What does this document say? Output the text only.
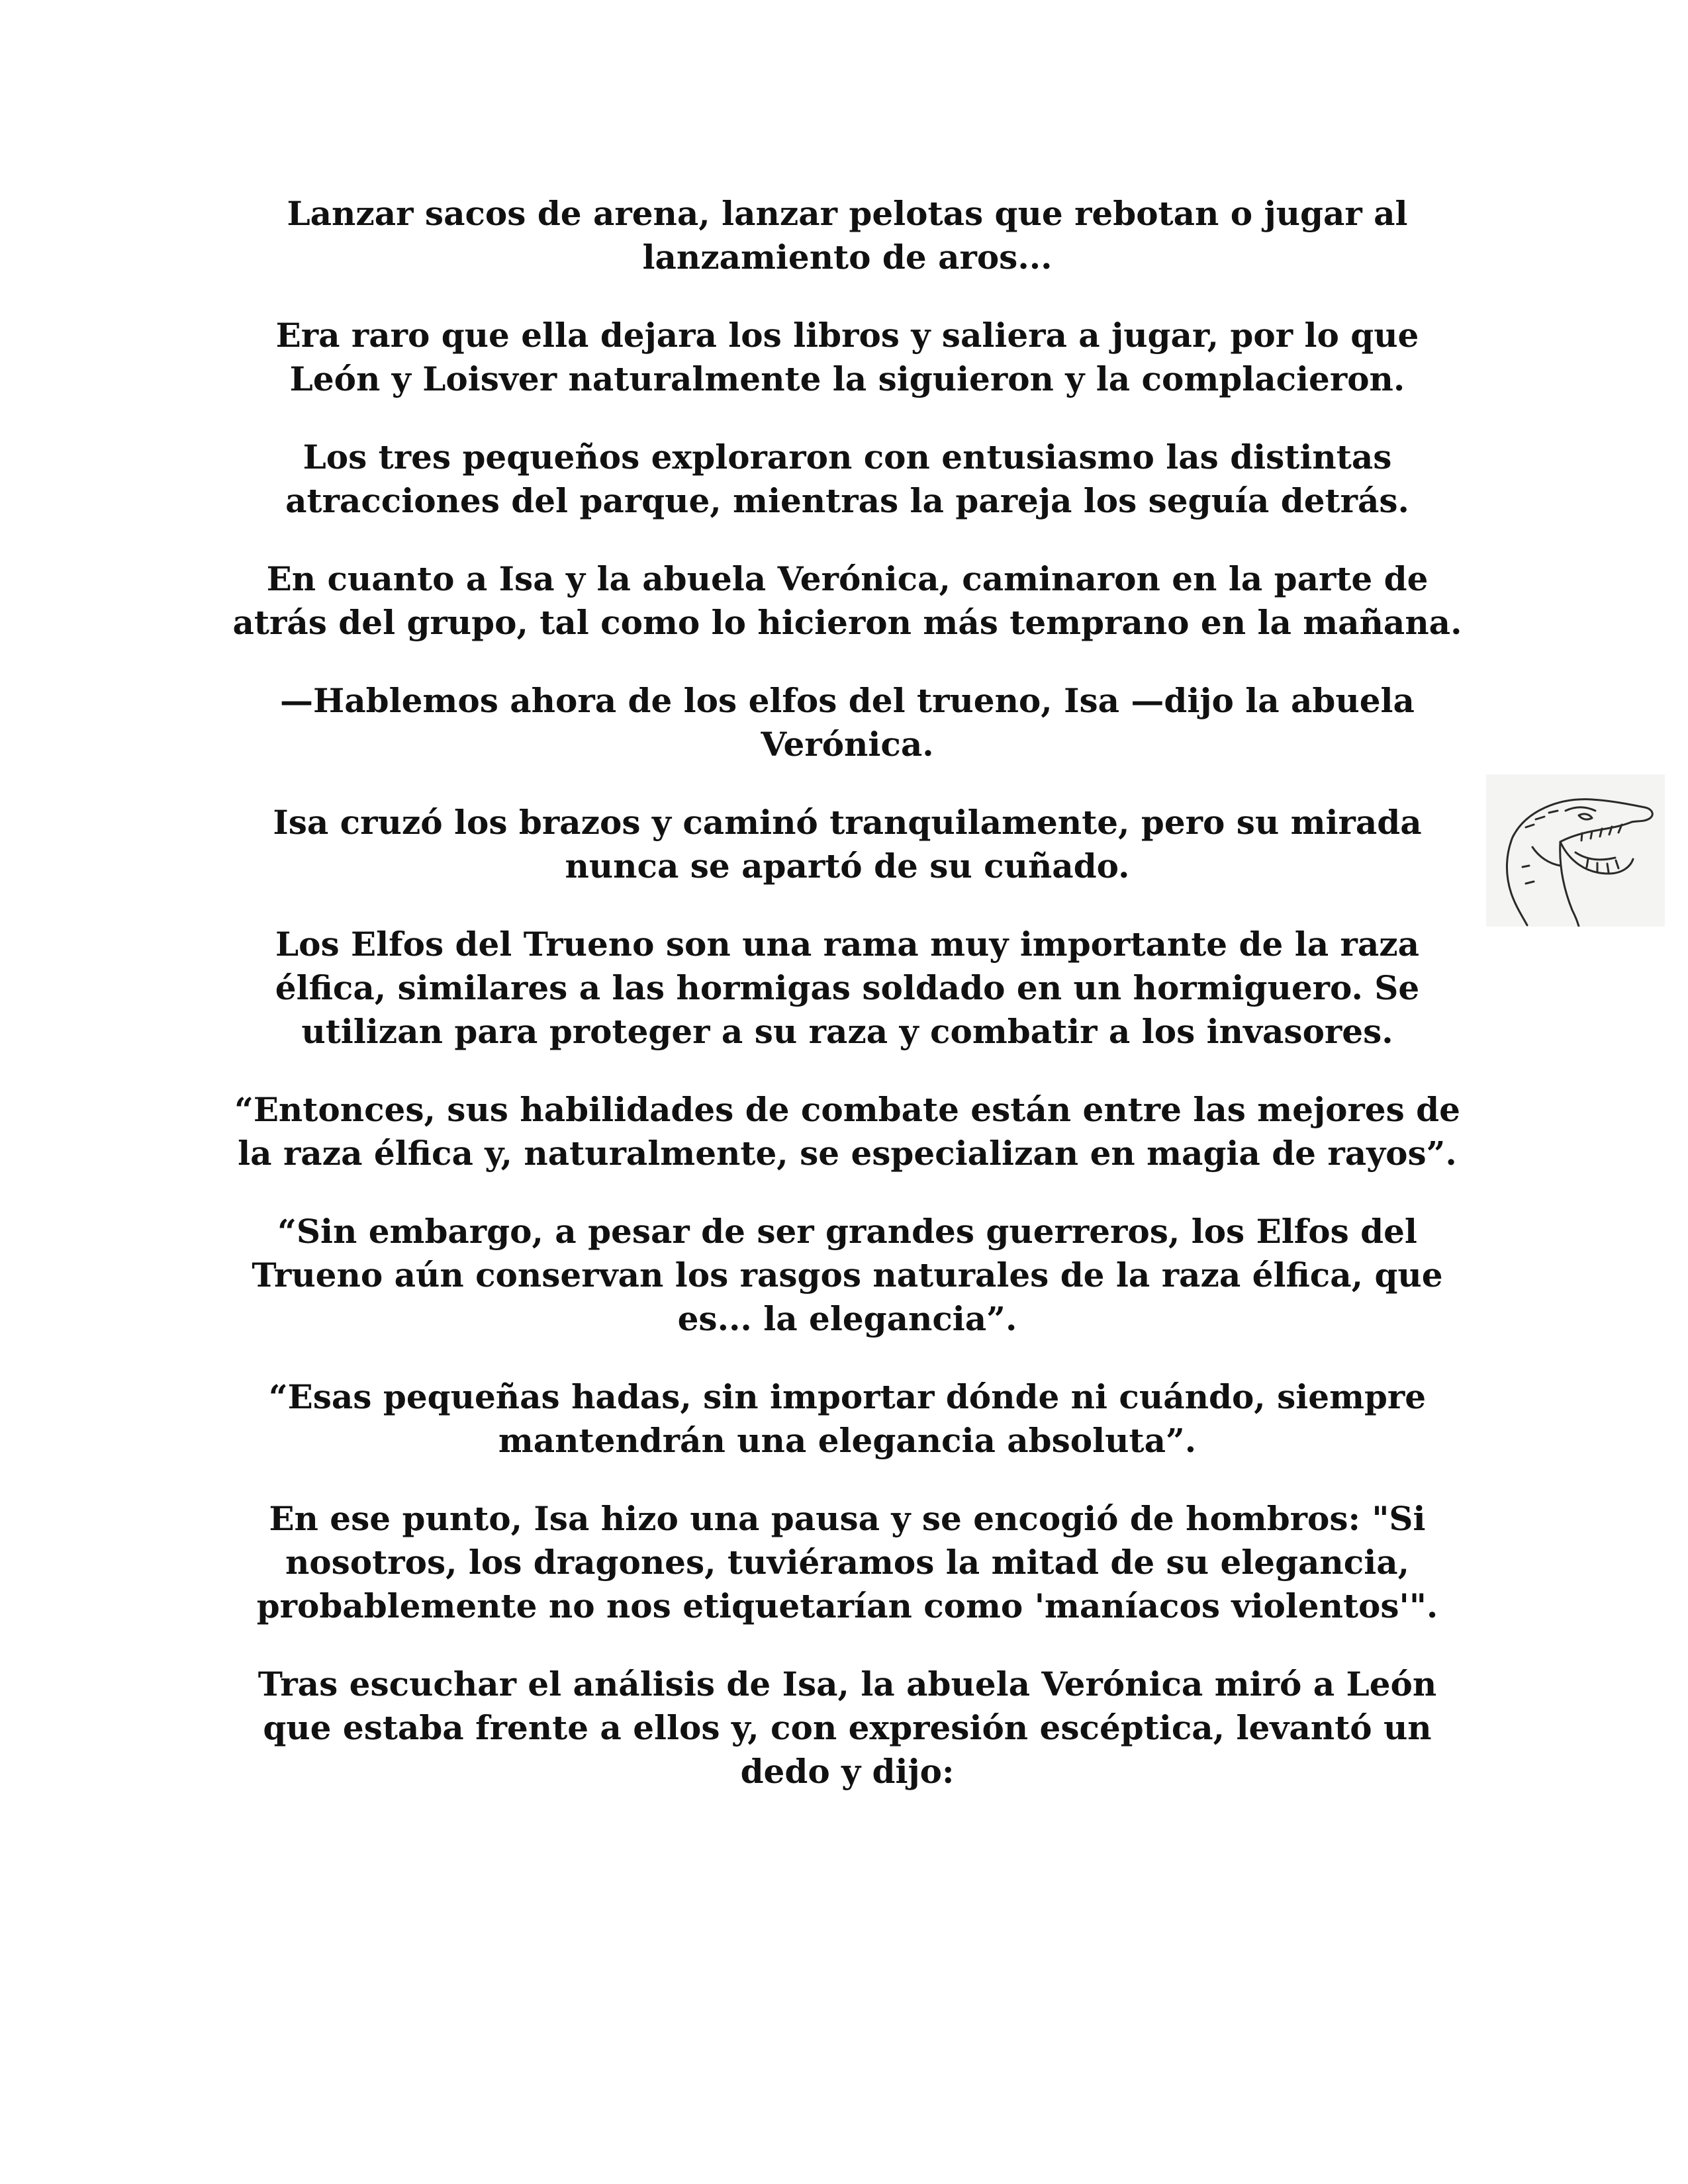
Lanzar sacos de arena, lanzar pelotas que rebotan o jugar al lanzamiento de aros...

Era raro que ella dejara los libros y saliera a jugar, por lo que León y Loisver naturalmente la siguieron y la complacieron.

Los tres pequeños exploraron con entusiasmo las distintas atracciones del parque, mientras la pareja los seguía detrás.

En cuanto a Isa y la abuela Verónica, caminaron en la parte de atrás del grupo, tal como lo hicieron más temprano en la mañana.

—Hablemos ahora de los elfos del trueno, Isa —dijo la abuela Verónica.

Isa cruzó los brazos y caminó tranquilamente, pero su mirada nunca se apartó de su cuñado.

Los Elfos del Trueno son una rama muy importante de la raza élfica, similares a las hormigas soldado en un hormiguero. Se utilizan para proteger a su raza y combatir a los invasores.

“Entonces, sus habilidades de combate están entre las mejores de la raza élfica y, naturalmente, se especializan en magia de rayos”.

“Sin embargo, a pesar de ser grandes guerreros, los Elfos del Trueno aún conservan los rasgos naturales de la raza élfica, que es... la elegancia”.

“Esas pequeñas hadas, sin importar dónde ni cuándo, siempre mantendrán una elegancia absoluta”.

En ese punto, Isa hizo una pausa y se encogió de hombros: "Si nosotros, los dragones, tuviéramos la mitad de su elegancia, probablemente no nos etiquetarían como 'maníacos violentos'".

Tras escuchar el análisis de Isa, la abuela Verónica miró a León que estaba frente a ellos y, con expresión escéptica, levantó un dedo y dijo:
